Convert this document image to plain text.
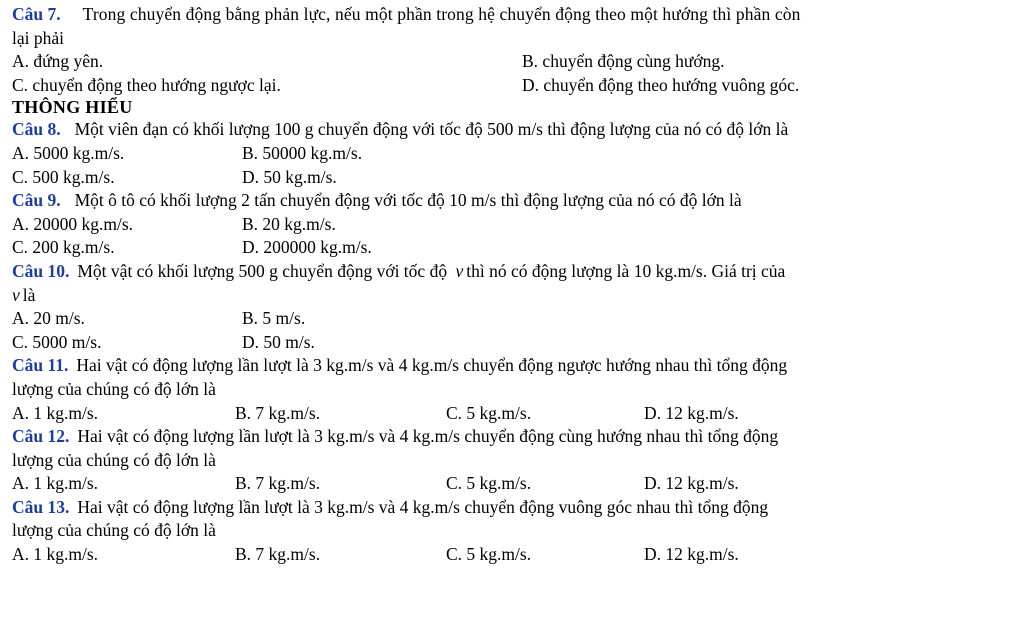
Câu 7. Trong chuyển động bằng phản lực, nếu một phần trong hệ chuyển động theo một hướng thì phần còn
lại phải
A. đứng yên.	B. chuyển động cùng hướng.
C. chuyển động theo hướng ngược lại.	D. chuyển động theo hướng vuông góc.
THÔNG HIỂU
Câu 8. Một viên đạn có khối lượng 100 g chuyển động với tốc độ 500 m/s thì động lượng của nó có độ lớn là
A. 5000 kg.m/s.	B. 50000 kg.m/s.
C. 500 kg.m/s.	D. 50 kg.m/s.
Câu 9. Một ô tô có khối lượng 2 tấn chuyển động với tốc độ 10 m/s thì động lượng của nó có độ lớn là
A. 20000 kg.m/s.	B. 20 kg.m/s.
C. 200 kg.m/s.	D. 200000 kg.m/s.
Câu 10. Một vật có khối lượng 500 g chuyển động với tốc độ v thì nó có động lượng là 10 kg.m/s. Giá trị của
v là
A. 20 m/s.	B. 5 m/s.
C. 5000 m/s.	D. 50 m/s.
Câu 11. Hai vật có động lượng lần lượt là 3 kg.m/s và 4 kg.m/s chuyển động ngược hướng nhau thì tổng động
lượng của chúng có độ lớn là
A. 1 kg.m/s.	B. 7 kg.m/s.	C. 5 kg.m/s.	D. 12 kg.m/s.
Câu 12. Hai vật có động lượng lần lượt là 3 kg.m/s và 4 kg.m/s chuyển động cùng hướng nhau thì tổng động
lượng của chúng có độ lớn là
A. 1 kg.m/s.	B. 7 kg.m/s.	C. 5 kg.m/s.	D. 12 kg.m/s.
Câu 13. Hai vật có động lượng lần lượt là 3 kg.m/s và 4 kg.m/s chuyển động vuông góc nhau thì tổng động
lượng của chúng có độ lớn là
A. 1 kg.m/s.	B. 7 kg.m/s.	C. 5 kg.m/s.	D. 12 kg.m/s.
